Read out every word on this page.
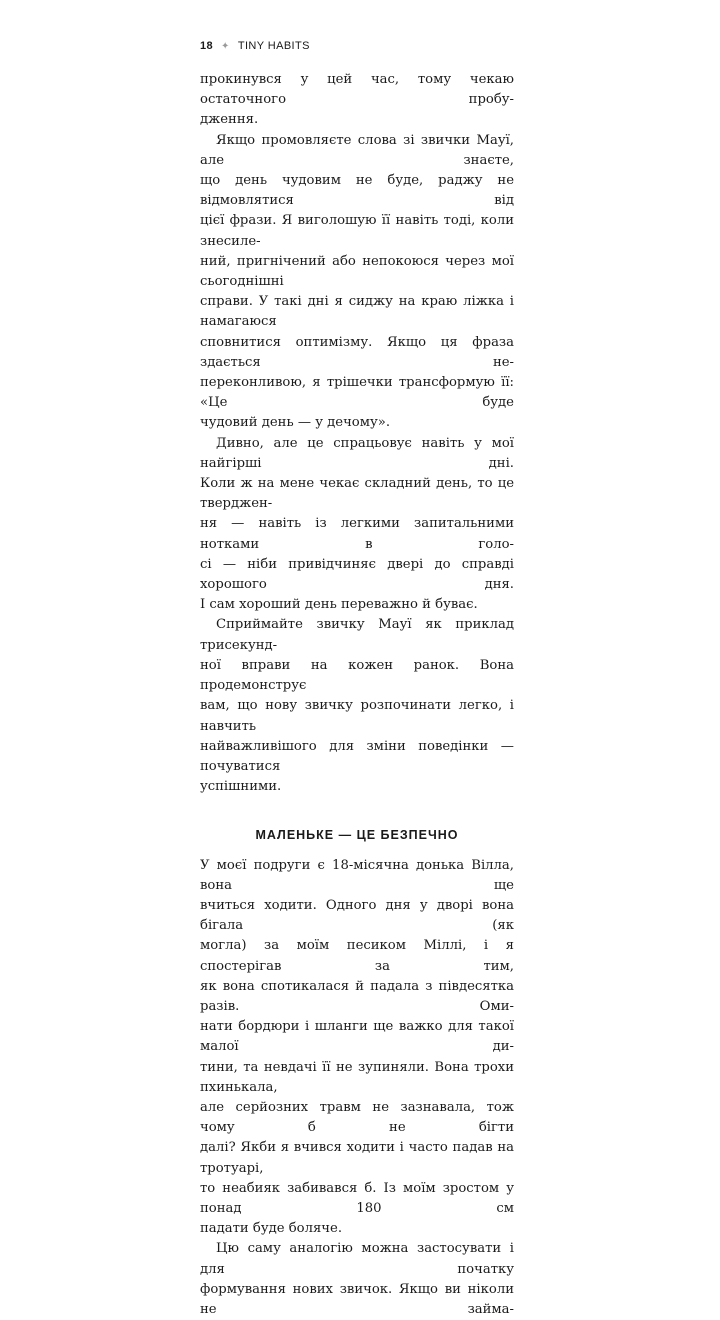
18 ✦ TINY HABITS

прокинувся у цей час, тому чекаю остаточного пробу-
дження.

Якщо промовляєте слова зі звички Мауї, але знаєте,
що день чудовим не буде, раджу не відмовлятися від
цієї фрази. Я виголошую її навіть тоді, коли знесиле-
ний, пригнічений або непокоюся через мої сьогоднішні
справи. У такі дні я сиджу на краю ліжка і намагаюся
сповнитися оптимізму. Якщо ця фраза здається не-
переконливою, я трішечки трансформую її: «Це буде
чудовий день — у дечому».

Дивно, але це спрацьовує навіть у мої найгірші дні.
Коли ж на мене чекає складний день, то це тверджен-
ня — навіть із легкими запитальними нотками в голо-
сі — ніби привідчиняє двері до справді хорошого дня.
І сам хороший день переважно й буває.

Сприймайте звичку Мауї як приклад трисекунд-
ної вправи на кожен ранок. Вона продемонструє
вам, що нову звичку розпочинати легко, і навчить
найважливішого для зміни поведінки — почуватися
успішними.

МАЛЕНЬКЕ — ЦЕ БЕЗПЕЧНО

У моєї подруги є 18-місячна донька Вілла, вона ще
вчиться ходити. Одного дня у дворі вона бігала (як
могла) за моїм песиком Міллі, і я спостерігав за тим,
як вона спотикалася й падала з півдесятка разів. Оми-
нати бордюри і шланги ще важко для такої малої ди-
тини, та невдачі її не зупиняли. Вона трохи пхинькала,
але серйозних травм не зазнавала, тож чому б не бігти
далі? Якби я вчився ходити і часто падав на тротуарі,
то неабияк забивався б. Із моїм зростом у понад 180 см
падати буде боляче.

Цю саму аналогію можна застосувати і для початку
формування нових звичок. Якщо ви ніколи не займа-
